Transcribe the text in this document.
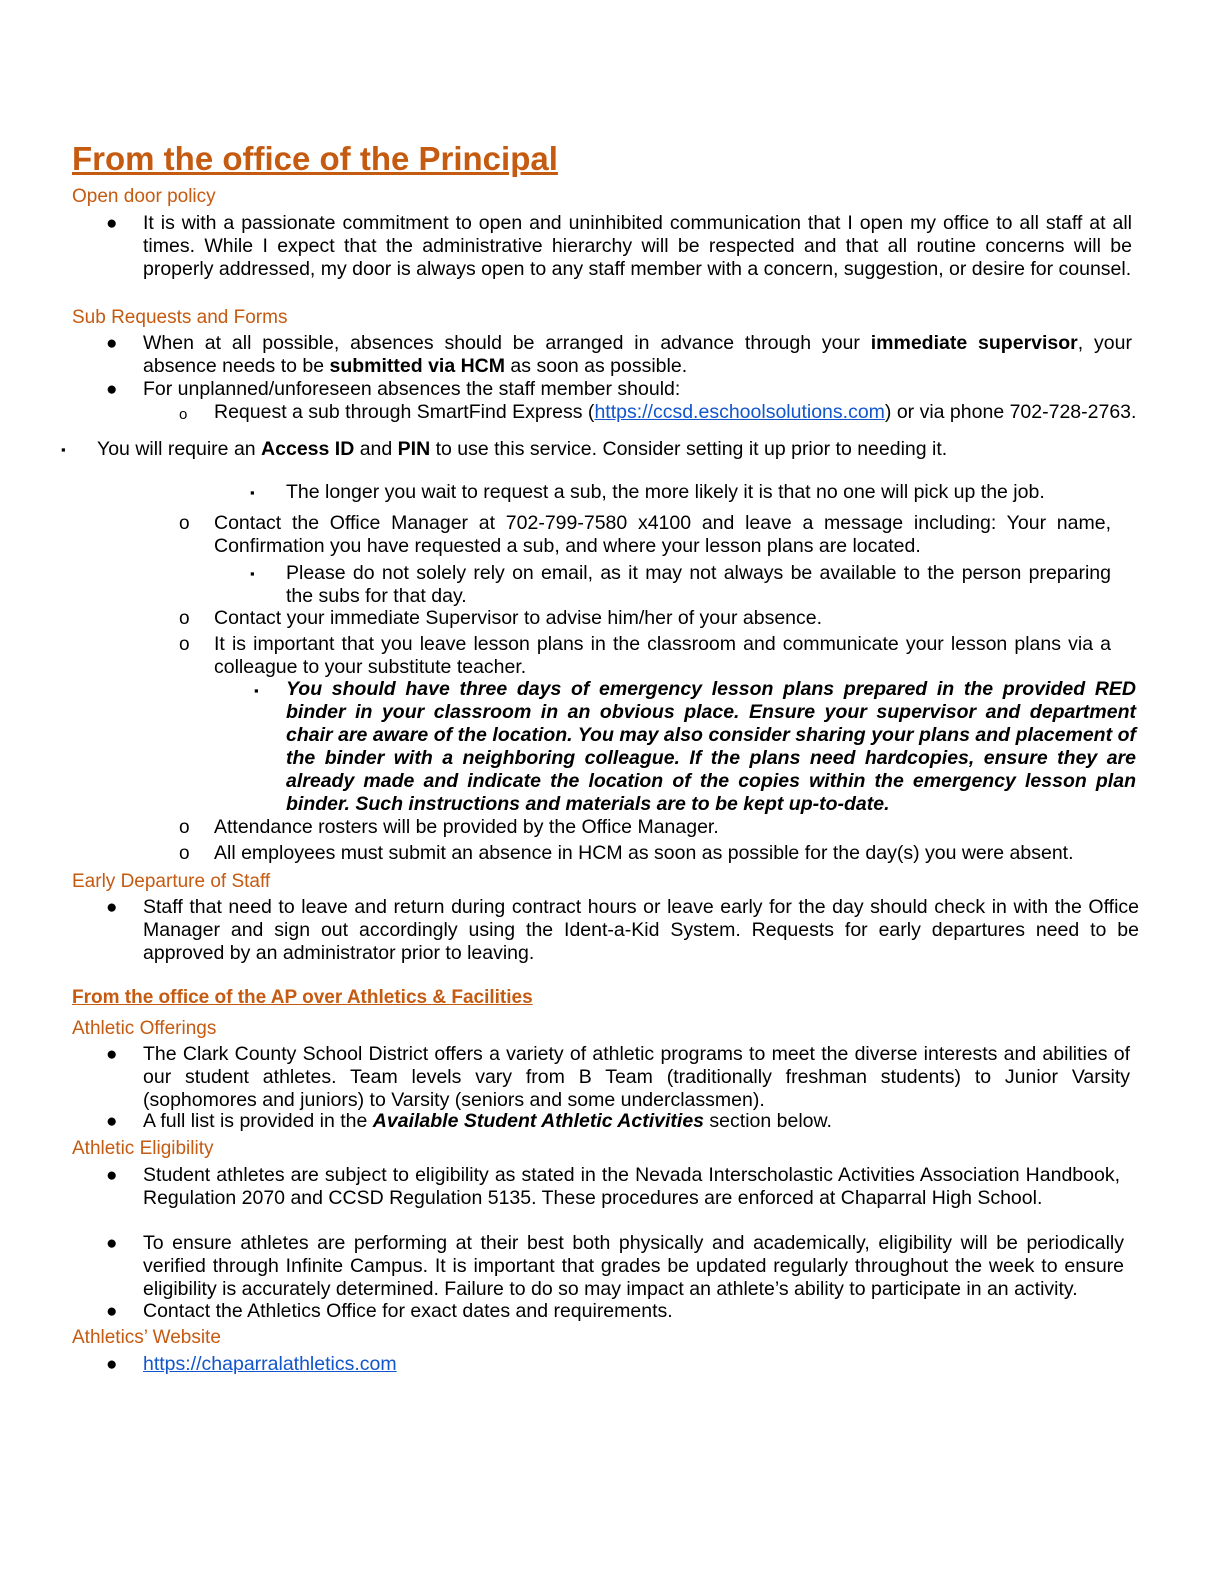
From the office of the Principal
Open door policy
● It is with a passionate commitment to open and uninhibited communication that I open my office to all staff at all times. While I expect that the administrative hierarchy will be respected and that all routine concerns will be properly addressed, my door is always open to any staff member with a concern, suggestion, or desire for counsel.
Sub Requests and Forms
● When at all possible, absences should be arranged in advance through your immediate supervisor, your absence needs to be submitted via HCM as soon as possible.
● For unplanned/unforeseen absences the staff member should:
o Request a sub through SmartFind Express (https://ccsd.eschoolsolutions.com) or via phone 702-728-2763.
▪ You will require an Access ID and PIN to use this service. Consider setting it up prior to needing it.
▪ The longer you wait to request a sub, the more likely it is that no one will pick up the job.
o Contact the Office Manager at 702-799-7580 x4100 and leave a message including: Your name, Confirmation you have requested a sub, and where your lesson plans are located.
▪ Please do not solely rely on email, as it may not always be available to the person preparing the subs for that day.
o Contact your immediate Supervisor to advise him/her of your absence.
o It is important that you leave lesson plans in the classroom and communicate your lesson plans via a colleague to your substitute teacher.
▪ You should have three days of emergency lesson plans prepared in the provided RED binder in your classroom in an obvious place. Ensure your supervisor and department chair are aware of the location. You may also consider sharing your plans and placement of the binder with a neighboring colleague. If the plans need hardcopies, ensure they are already made and indicate the location of the copies within the emergency lesson plan binder. Such instructions and materials are to be kept up-to-date.
o Attendance rosters will be provided by the Office Manager.
o All employees must submit an absence in HCM as soon as possible for the day(s) you were absent.
Early Departure of Staff
● Staff that need to leave and return during contract hours or leave early for the day should check in with the Office Manager and sign out accordingly using the Ident-a-Kid System. Requests for early departures need to be approved by an administrator prior to leaving.
From the office of the AP over Athletics & Facilities
Athletic Offerings
● The Clark County School District offers a variety of athletic programs to meet the diverse interests and abilities of our student athletes. Team levels vary from B Team (traditionally freshman students) to Junior Varsity (sophomores and juniors) to Varsity (seniors and some underclassmen).
● A full list is provided in the Available Student Athletic Activities section below.
Athletic Eligibility
● Student athletes are subject to eligibility as stated in the Nevada Interscholastic Activities Association Handbook, Regulation 2070 and CCSD Regulation 5135. These procedures are enforced at Chaparral High School.
● To ensure athletes are performing at their best both physically and academically, eligibility will be periodically verified through Infinite Campus. It is important that grades be updated regularly throughout the week to ensure eligibility is accurately determined. Failure to do so may impact an athlete’s ability to participate in an activity.
● Contact the Athletics Office for exact dates and requirements.
Athletics’ Website
● https://chaparralathletics.com
